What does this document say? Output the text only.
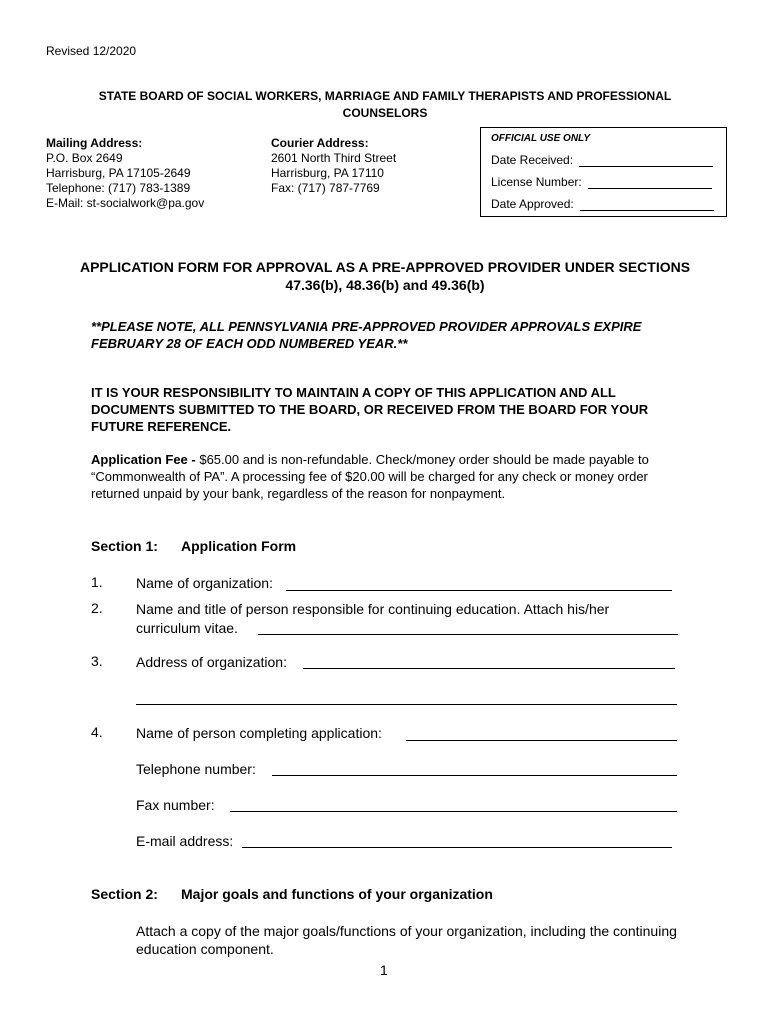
Revised 12/2020
STATE BOARD OF SOCIAL WORKERS, MARRIAGE AND FAMILY THERAPISTS AND PROFESSIONAL COUNSELORS
Mailing Address:
P.O. Box 2649
Harrisburg, PA 17105-2649
Telephone: (717) 783-1389
E-Mail: st-socialwork@pa.gov
Courier Address:
2601 North Third Street
Harrisburg, PA 17110
Fax: (717) 787-7769
OFFICIAL USE ONLY
Date Received:
License Number:
Date Approved:
APPLICATION FORM FOR APPROVAL AS A PRE-APPROVED PROVIDER UNDER SECTIONS 47.36(b), 48.36(b) and 49.36(b)
**PLEASE NOTE, ALL PENNSYLVANIA PRE-APPROVED PROVIDER APPROVALS EXPIRE FEBRUARY 28 OF EACH ODD NUMBERED YEAR.**
IT IS YOUR RESPONSIBILITY TO MAINTAIN A COPY OF THIS APPLICATION AND ALL DOCUMENTS SUBMITTED TO THE BOARD, OR RECEIVED FROM THE BOARD FOR YOUR FUTURE REFERENCE.
Application Fee - $65.00 and is non-refundable. Check/money order should be made payable to “Commonwealth of PA”. A processing fee of $20.00 will be charged for any check or money order returned unpaid by your bank, regardless of the reason for nonpayment.
Section 1: Application Form
1. Name of organization:
2. Name and title of person responsible for continuing education. Attach his/her
curriculum vitae.
3. Address of organization:
4. Name of person completing application:
Telephone number:
Fax number:
E-mail address:
Section 2: Major goals and functions of your organization
Attach a copy of the major goals/functions of your organization, including the continuing education component.
1
